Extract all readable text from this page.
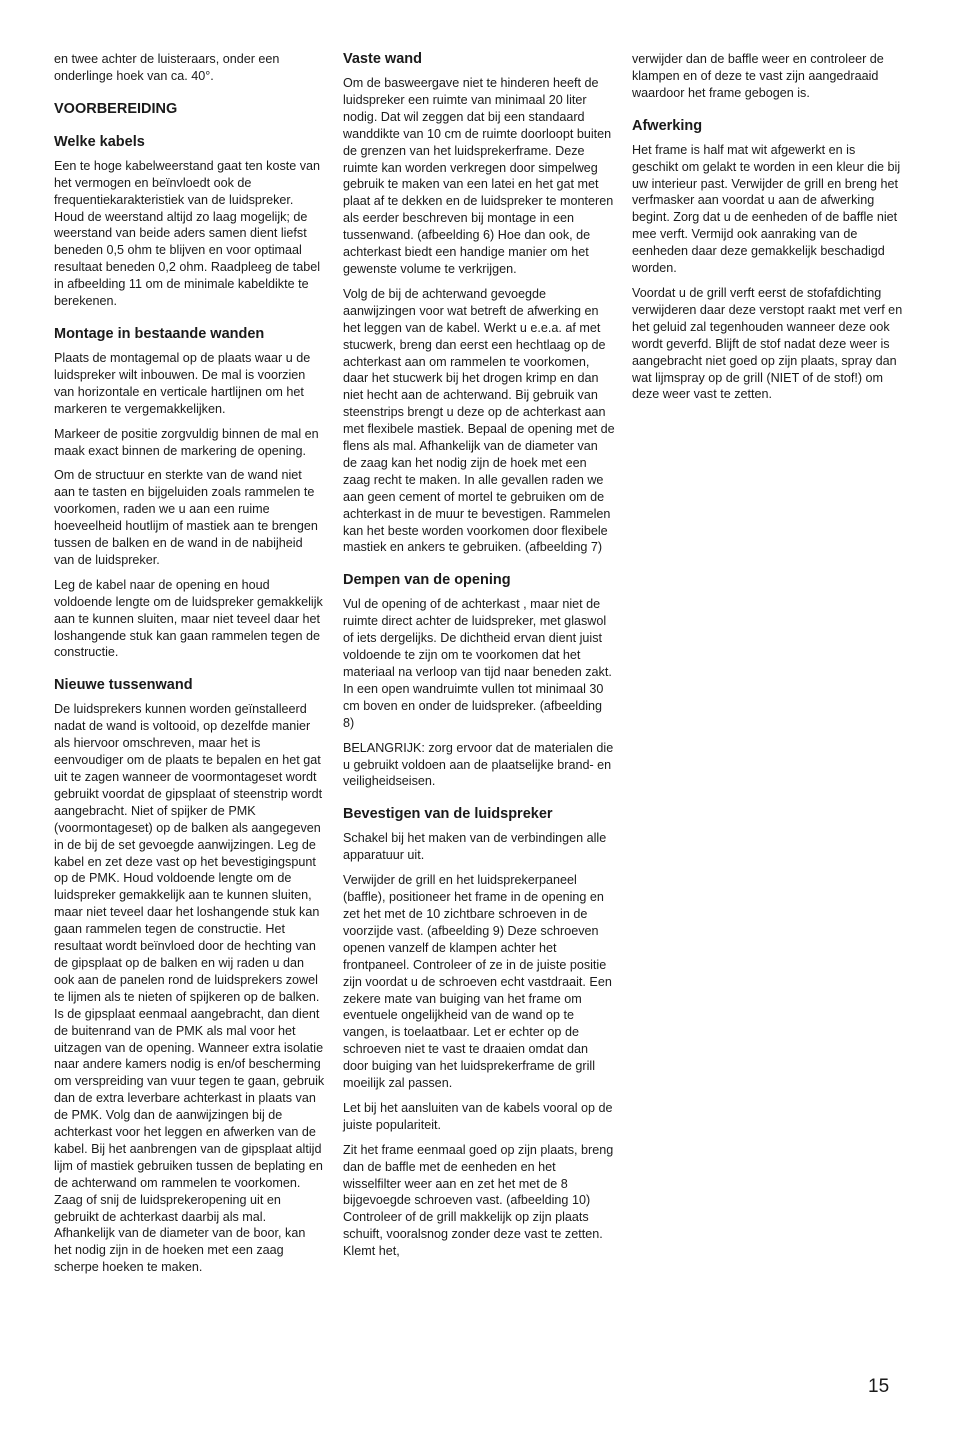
en twee achter de luisteraars, onder een onderlinge hoek van ca. 40°.

VOORBEREIDING
Welke kabels

Een te hoge kabelweerstand gaat ten koste van het vermogen en beïnvloedt ook de frequentiekarakteristiek van de luidspreker. Houd de weerstand altijd zo laag mogelijk; de weerstand van beide aders samen dient liefst beneden 0,5 ohm te blijven en voor optimaal resultaat beneden 0,2 ohm. Raadpleeg de tabel in afbeelding 11 om de minimale kabeldikte te berekenen.

Montage in bestaande wanden

Plaats de montagemal op de plaats waar u de luidspreker wilt inbouwen. De mal is voorzien van horizontale en verticale hartlijnen om het markeren te vergemakkelijken.

Markeer de positie zorgvuldig binnen de mal en maak exact binnen de markering de opening.

Om de structuur en sterkte van de wand niet aan te tasten en bijgeluiden zoals rammelen te voorkomen, raden we u aan een ruime hoeveelheid houtlijm of mastiek aan te brengen tussen de balken en de wand in de nabijheid van de luidspreker.

Leg de kabel naar de opening en houd voldoende lengte om de luidspreker gemakkelijk aan te kunnen sluiten, maar niet teveel daar het loshangende stuk kan gaan rammelen tegen de constructie.

Nieuwe tussenwand

De luidsprekers kunnen worden geïnstalleerd nadat de wand is voltooid, op dezelfde manier als hiervoor omschreven, maar het is eenvoudiger om de plaats te bepalen en het gat uit te zagen wanneer de voormontageset wordt gebruikt voordat de gipsplaat of steenstrip wordt aangebracht. Niet of spijker de PMK (voormontageset) op de balken als aangegeven in de bij de set gevoegde aanwijzingen. Leg de kabel en zet deze vast op het bevestigingspunt op de PMK. Houd voldoende lengte om de luidspreker gemakkelijk aan te kunnen sluiten, maar niet teveel daar het loshangende stuk kan gaan rammelen tegen de constructie. Het resultaat wordt beïnvloed door de hechting van de gipsplaat op de balken en wij raden u dan ook aan de panelen rond de luidsprekers zowel te lijmen als te nieten of spijkeren op de balken. Is de gipsplaat eenmaal aangebracht, dan dient de buitenrand van de PMK als mal voor het uitzagen van de opening. Wanneer extra isolatie naar andere kamers nodig is en/of bescherming om verspreiding van vuur tegen te gaan, gebruik dan de extra leverbare achterkast in plaats van de PMK. Volg dan de aanwijzingen bij de achterkast voor het leggen en afwerken van de kabel. Bij het aanbrengen van de gipsplaat altijd lijm of mastiek gebruiken tussen de beplating en de achterwand om rammelen te voorkomen. Zaag of snij de luidsprekeropening uit en gebruikt de achterkast daarbij als mal. Afhankelijk van de diameter van de boor, kan het nodig zijn in de hoeken met een zaag scherpe hoeken te maken.

Vaste wand

Om de basweergave niet te hinderen heeft de luidspreker een ruimte van minimaal 20 liter nodig. Dat wil zeggen dat bij een standaard wanddikte van 10 cm de ruimte doorloopt buiten de grenzen van het luidsprekerframe. Deze ruimte kan worden verkregen door simpelweg gebruik te maken van een latei en het gat met plaat af te dekken en de luidspreker te monteren als eerder beschreven bij montage in een tussenwand. (afbeelding 6) Hoe dan ook, de achterkast biedt een handige manier om het gewenste volume te verkrijgen.

Volg de bij de achterwand gevoegde aanwijzingen voor wat betreft de afwerking en het leggen van de kabel. Werkt u e.e.a. af met stucwerk, breng dan eerst een hechtlaag op de achterkast aan om rammelen te voorkomen, daar het stucwerk bij het drogen krimp en dan niet hecht aan de achterwand. Bij gebruik van steenstrips brengt u deze op de achterkast aan met flexibele mastiek. Bepaal de opening met de flens als mal. Afhankelijk van de diameter van de zaag kan het nodig zijn de hoek met een zaag recht te maken. In alle gevallen raden we aan geen cement of mortel te gebruiken om de achterkast in de muur te bevestigen. Rammelen kan het beste worden voorkomen door flexibele mastiek en ankers te gebruiken. (afbeelding 7)

Dempen van de opening

Vul de opening of de achterkast , maar niet de ruimte direct achter de luidspreker, met glaswol of iets dergelijks. De dichtheid ervan dient juist voldoende te zijn om te voorkomen dat het materiaal na verloop van tijd naar beneden zakt. In een open wandruimte vullen tot minimaal 30 cm boven en onder de luidspreker. (afbeelding 8)

BELANGRIJK: zorg ervoor dat de materialen die u gebruikt voldoen aan de plaatselijke brand- en veiligheidseisen.

Bevestigen van de luidspreker

Schakel bij het maken van de verbindingen alle apparatuur uit.

Verwijder de grill en het luidsprekerpaneel (baffle), positioneer het frame in de opening en zet het met de 10 zichtbare schroeven in de voorzijde vast. (afbeelding 9) Deze schroeven openen vanzelf de klampen achter het frontpaneel. Controleer of ze in de juiste positie zijn voordat u de schroeven echt vastdraait. Een zekere mate van buiging van het frame om eventuele ongelijkheid van de wand op te vangen, is toelaatbaar. Let er echter op de schroeven niet te vast te draaien omdat dan door buiging van het luidsprekerframe de grill moeilijk zal passen.

Let bij het aansluiten van de kabels vooral op de juiste populariteit.

Zit het frame eenmaal goed op zijn plaats, breng dan de baffle met de eenheden en het wisselfilter weer aan en zet het met de 8 bijgevoegde schroeven vast. (afbeelding 10) Controleer of de grill makkelijk op zijn plaats schuift, vooralsnog zonder deze vast te zetten. Klemt het,

verwijder dan de baffle weer en controleer de klampen en of deze te vast zijn aangedraaid waardoor het frame gebogen is.

Afwerking

Het frame is half mat wit afgewerkt en is geschikt om gelakt te worden in een kleur die bij uw interieur past. Verwijder de grill en breng het verfmasker aan voordat u aan de afwerking begint. Zorg dat u de eenheden of de baffle niet mee verft. Vermijd ook aanraking van de eenheden daar deze gemakkelijk beschadigd worden.

Voordat u de grill verft eerst de stofafdichting verwijderen daar deze verstopt raakt met verf en het geluid zal tegenhouden wanneer deze ook wordt geverfd. Blijft de stof nadat deze weer is aangebracht niet goed op zijn plaats, spray dan wat lijmspray op de grill (NIET of de stof!) om deze weer vast te zetten.

15
